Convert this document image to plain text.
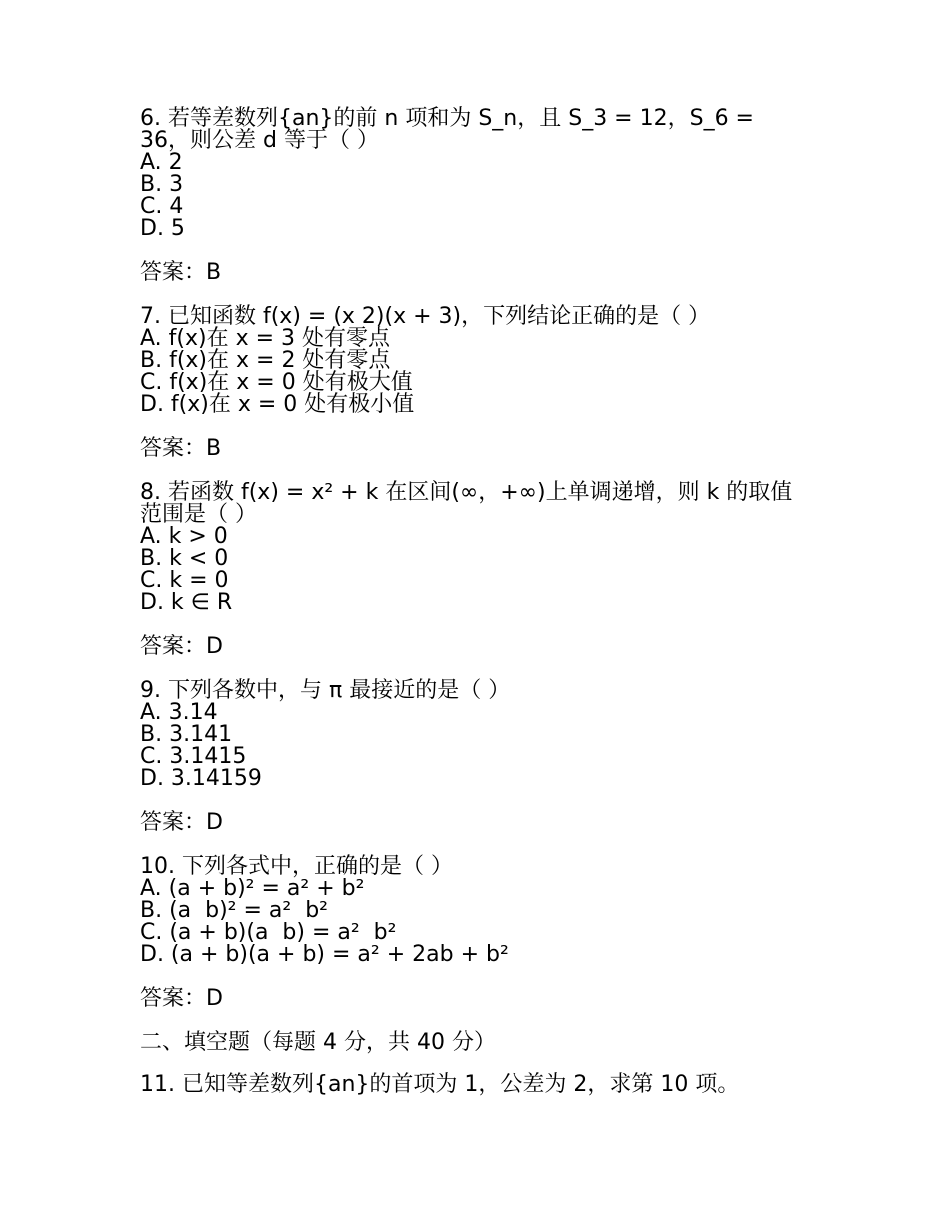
6. 若等差数列{an}的前 n 项和为 S_n，且 S_3 = 12，S_6 = 36，则公差 d 等于（ ）
A. 2
B. 3
C. 4
D. 5
答案：B
7. 已知函数 f(x) = (x 2)(x + 3)，下列结论正确的是（ ）
A. f(x)在 x = 3 处有零点
B. f(x)在 x = 2 处有零点
C. f(x)在 x = 0 处有极大值
D. f(x)在 x = 0 处有极小值
答案：B
8. 若函数 f(x) = x² + k 在区间(∞，+∞)上单调递增，则 k 的取值范围是（ ）
A. k > 0
B. k < 0
C. k = 0
D. k ∈ R
答案：D
9. 下列各数中，与 π 最接近的是（ ）
A. 3.14
B. 3.141
C. 3.1415
D. 3.14159
答案：D
10. 下列各式中，正确的是（ ）
A. (a + b)² = a² + b²
B. (a  b)² = a²  b²
C. (a + b)(a  b) = a²  b²
D. (a + b)(a + b) = a² + 2ab + b²
答案：D
二、填空题（每题 4 分，共 40 分）
11. 已知等差数列{an}的首项为 1，公差为 2，求第 10 项。
